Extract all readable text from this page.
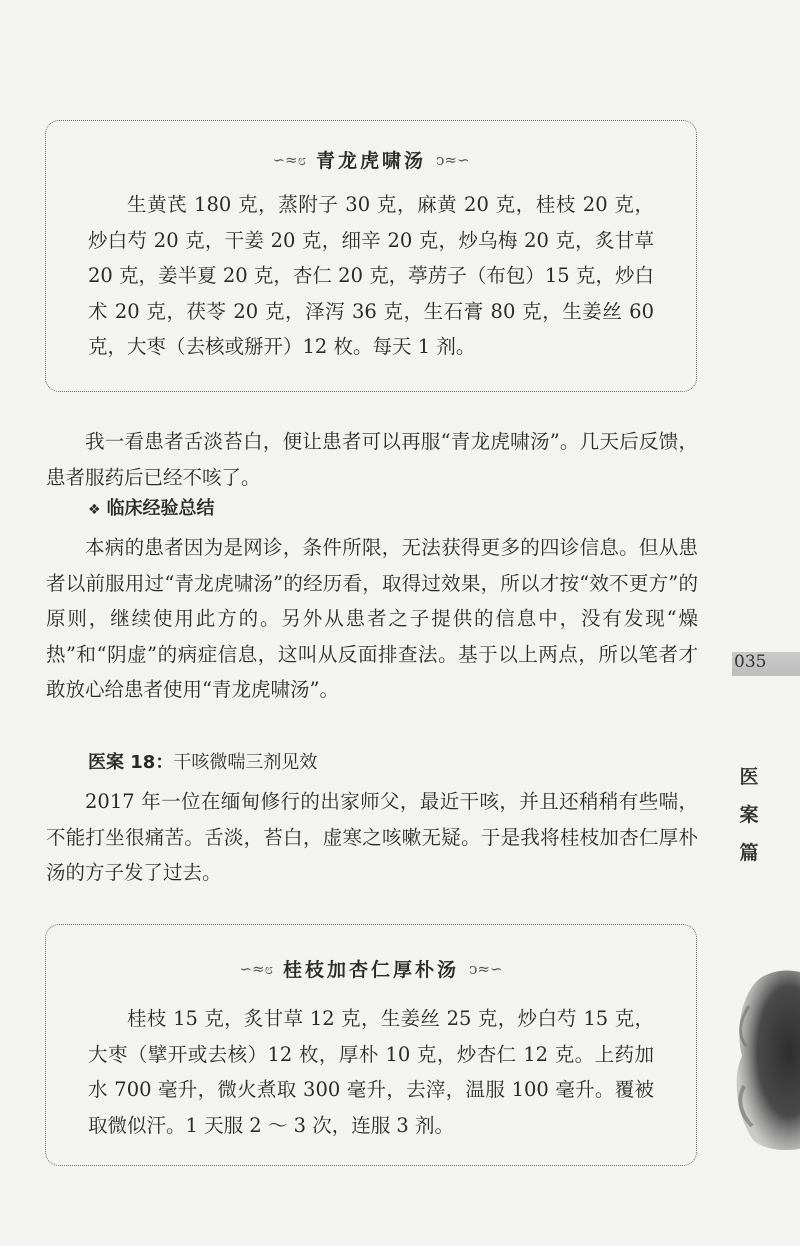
∽≈೮ 青龙虎啸汤 ↄ≈∽

生黄芪 180 克，蒸附子 30 克，麻黄 20 克，桂枝 20 克，炒白芍 20 克，干姜 20 克，细辛 20 克，炒乌梅 20 克，炙甘草 20 克，姜半夏 20 克，杏仁 20 克，葶苈子（布包）15 克，炒白术 20 克，茯苓 20 克，泽泻 36 克，生石膏 80 克，生姜丝 60 克，大枣（去核或掰开）12 枚。每天 1 剂。

我一看患者舌淡苔白，便让患者可以再服“青龙虎啸汤”。几天后反馈，患者服药后已经不咳了。

❖ 临床经验总结

本病的患者因为是网诊，条件所限，无法获得更多的四诊信息。但从患者以前服用过“青龙虎啸汤”的经历看，取得过效果，所以才按“效不更方”的原则，继续使用此方的。另外从患者之子提供的信息中，没有发现“燥热”和“阴虚”的病症信息，这叫从反面排查法。基于以上两点，所以笔者才敢放心给患者使用“青龙虎啸汤”。

医案 18：干咳微喘三剂见效

2017 年一位在缅甸修行的出家师父，最近干咳，并且还稍稍有些喘，不能打坐很痛苦。舌淡，苔白，虚寒之咳嗽无疑。于是我将桂枝加杏仁厚朴汤的方子发了过去。

∽≈೮ 桂枝加杏仁厚朴汤 ↄ≈∽

桂枝 15 克，炙甘草 12 克，生姜丝 25 克，炒白芍 15 克，大枣（擘开或去核）12 枚，厚朴 10 克，炒杏仁 12 克。上药加水 700 毫升，微火煮取 300 毫升，去滓，温服 100 毫升。覆被取微似汗。1 天服 2 ～ 3 次，连服 3 剂。

035
医案篇
